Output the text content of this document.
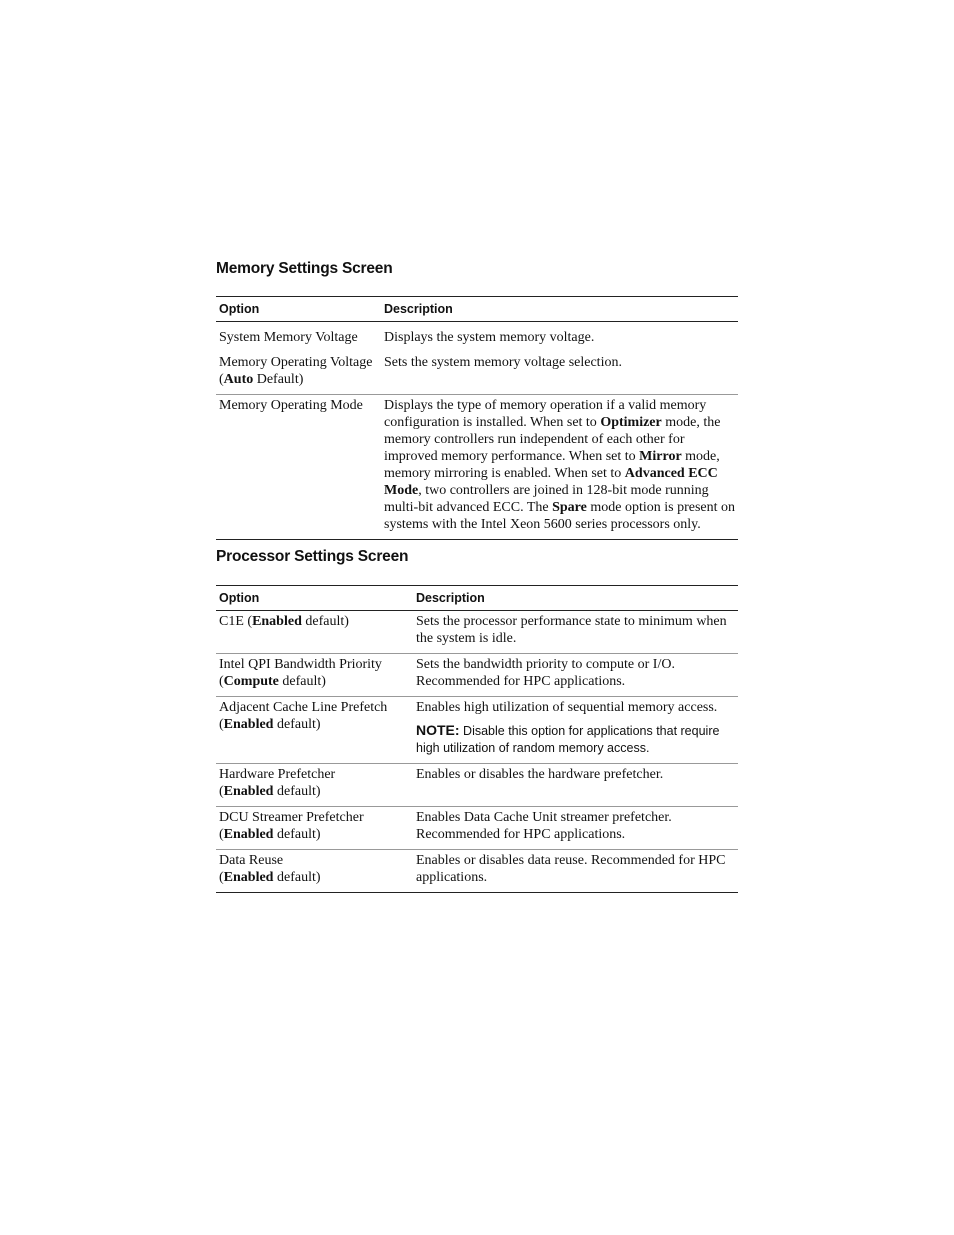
Memory Settings Screen
Option	Description
System Memory Voltage	Displays the system memory voltage.
Memory Operating Voltage
(Auto Default)	Sets the system memory voltage selection.
Memory Operating Mode	Displays the type of memory operation if a valid memory configuration is installed. When set to Optimizer mode, the memory controllers run independent of each other for improved memory performance. When set to Mirror mode, memory mirroring is enabled. When set to Advanced ECC Mode, two controllers are joined in 128-bit mode running multi-bit advanced ECC. The Spare mode option is present on systems with the Intel Xeon 5600 series processors only.
Processor Settings Screen
Option	Description
C1E (Enabled default)	Sets the processor performance state to minimum when the system is idle.
Intel QPI Bandwidth Priority
(Compute default)	Sets the bandwidth priority to compute or I/O. Recommended for HPC applications.
Adjacent Cache Line Prefetch
(Enabled default)	Enables high utilization of sequential memory access.
NOTE: Disable this option for applications that require high utilization of random memory access.

Hardware Prefetcher
(Enabled default)	Enables or disables the hardware prefetcher.
DCU Streamer Prefetcher
(Enabled default)	Enables Data Cache Unit streamer prefetcher. Recommended for HPC applications.
Data Reuse
(Enabled default)	Enables or disables data reuse. Recommended for HPC applications.
